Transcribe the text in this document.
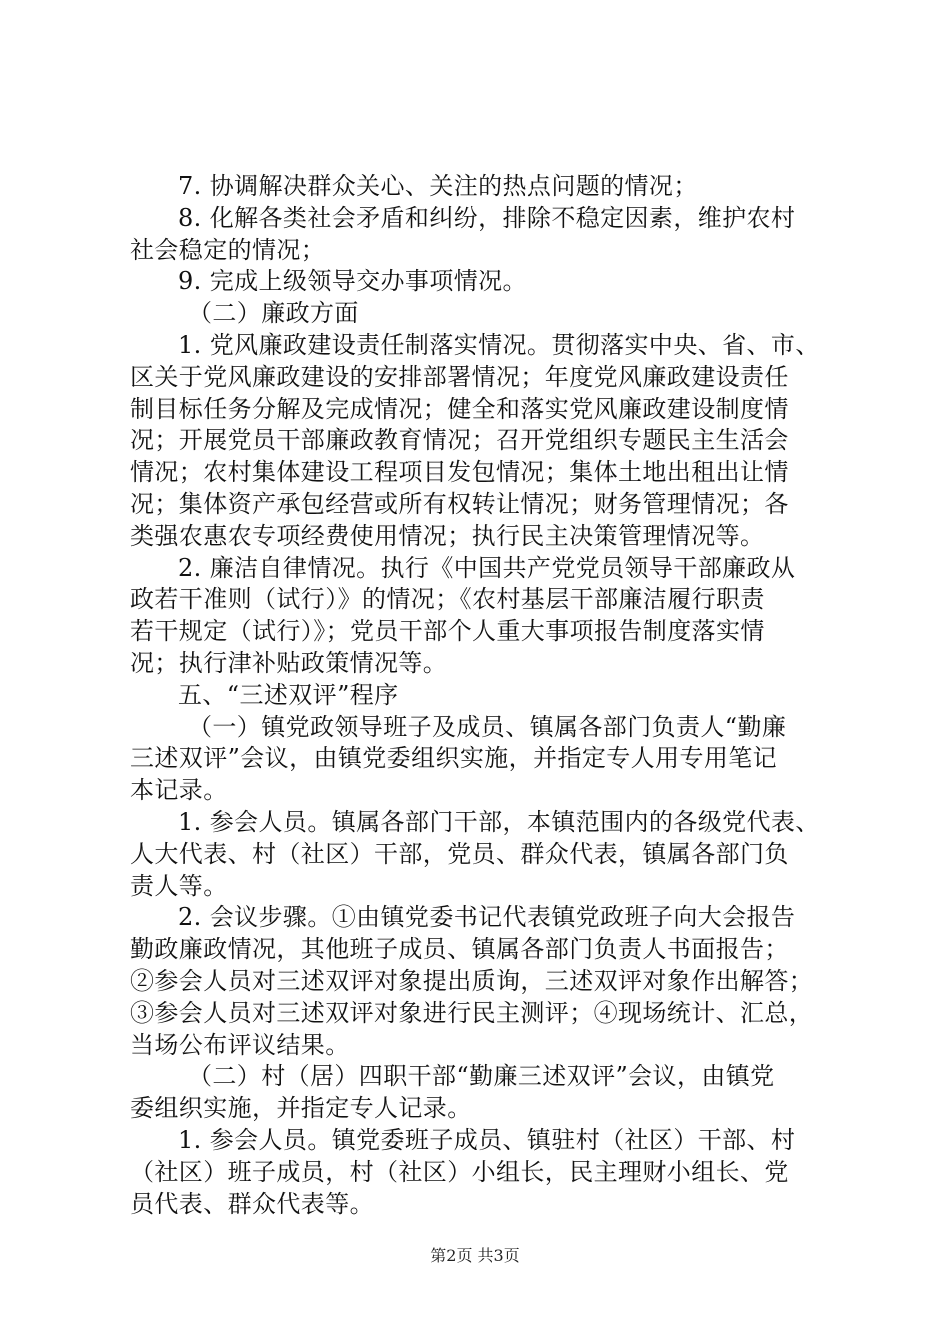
7. 协调解决群众关心、关注的热点问题的情况；
8. 化解各类社会矛盾和纠纷，排除不稳定因素，维护农村
社会稳定的情况；
9. 完成上级领导交办事项情况。
（二）廉政方面
1. 党风廉政建设责任制落实情况。贯彻落实中央、省、市、
区关于党风廉政建设的安排部署情况；年度党风廉政建设责任
制目标任务分解及完成情况；健全和落实党风廉政建设制度情
况；开展党员干部廉政教育情况；召开党组织专题民主生活会
情况；农村集体建设工程项目发包情况；集体土地出租出让情
况；集体资产承包经营或所有权转让情况；财务管理情况；各
类强农惠农专项经费使用情况；执行民主决策管理情况等。
2. 廉洁自律情况。执行《中国共产党党员领导干部廉政从
政若干准则（试行）》的情况；《农村基层干部廉洁履行职责
若干规定（试行）》；党员干部个人重大事项报告制度落实情
况；执行津补贴政策情况等。
五、“三述双评”程序
（一）镇党政领导班子及成员、镇属各部门负责人“勤廉
三述双评”会议，由镇党委组织实施，并指定专人用专用笔记
本记录。
1. 参会人员。镇属各部门干部，本镇范围内的各级党代表、
人大代表、村（社区）干部，党员、群众代表，镇属各部门负
责人等。
2. 会议步骤。①由镇党委书记代表镇党政班子向大会报告
勤政廉政情况，其他班子成员、镇属各部门负责人书面报告；
②参会人员对三述双评对象提出质询，三述双评对象作出解答；
③参会人员对三述双评对象进行民主测评；④现场统计、汇总，
当场公布评议结果。
（二）村（居）四职干部“勤廉三述双评”会议，由镇党
委组织实施，并指定专人记录。
1. 参会人员。镇党委班子成员、镇驻村（社区）干部、村
（社区）班子成员，村（社区）小组长，民主理财小组长、党
员代表、群众代表等。
第2页 共3页
